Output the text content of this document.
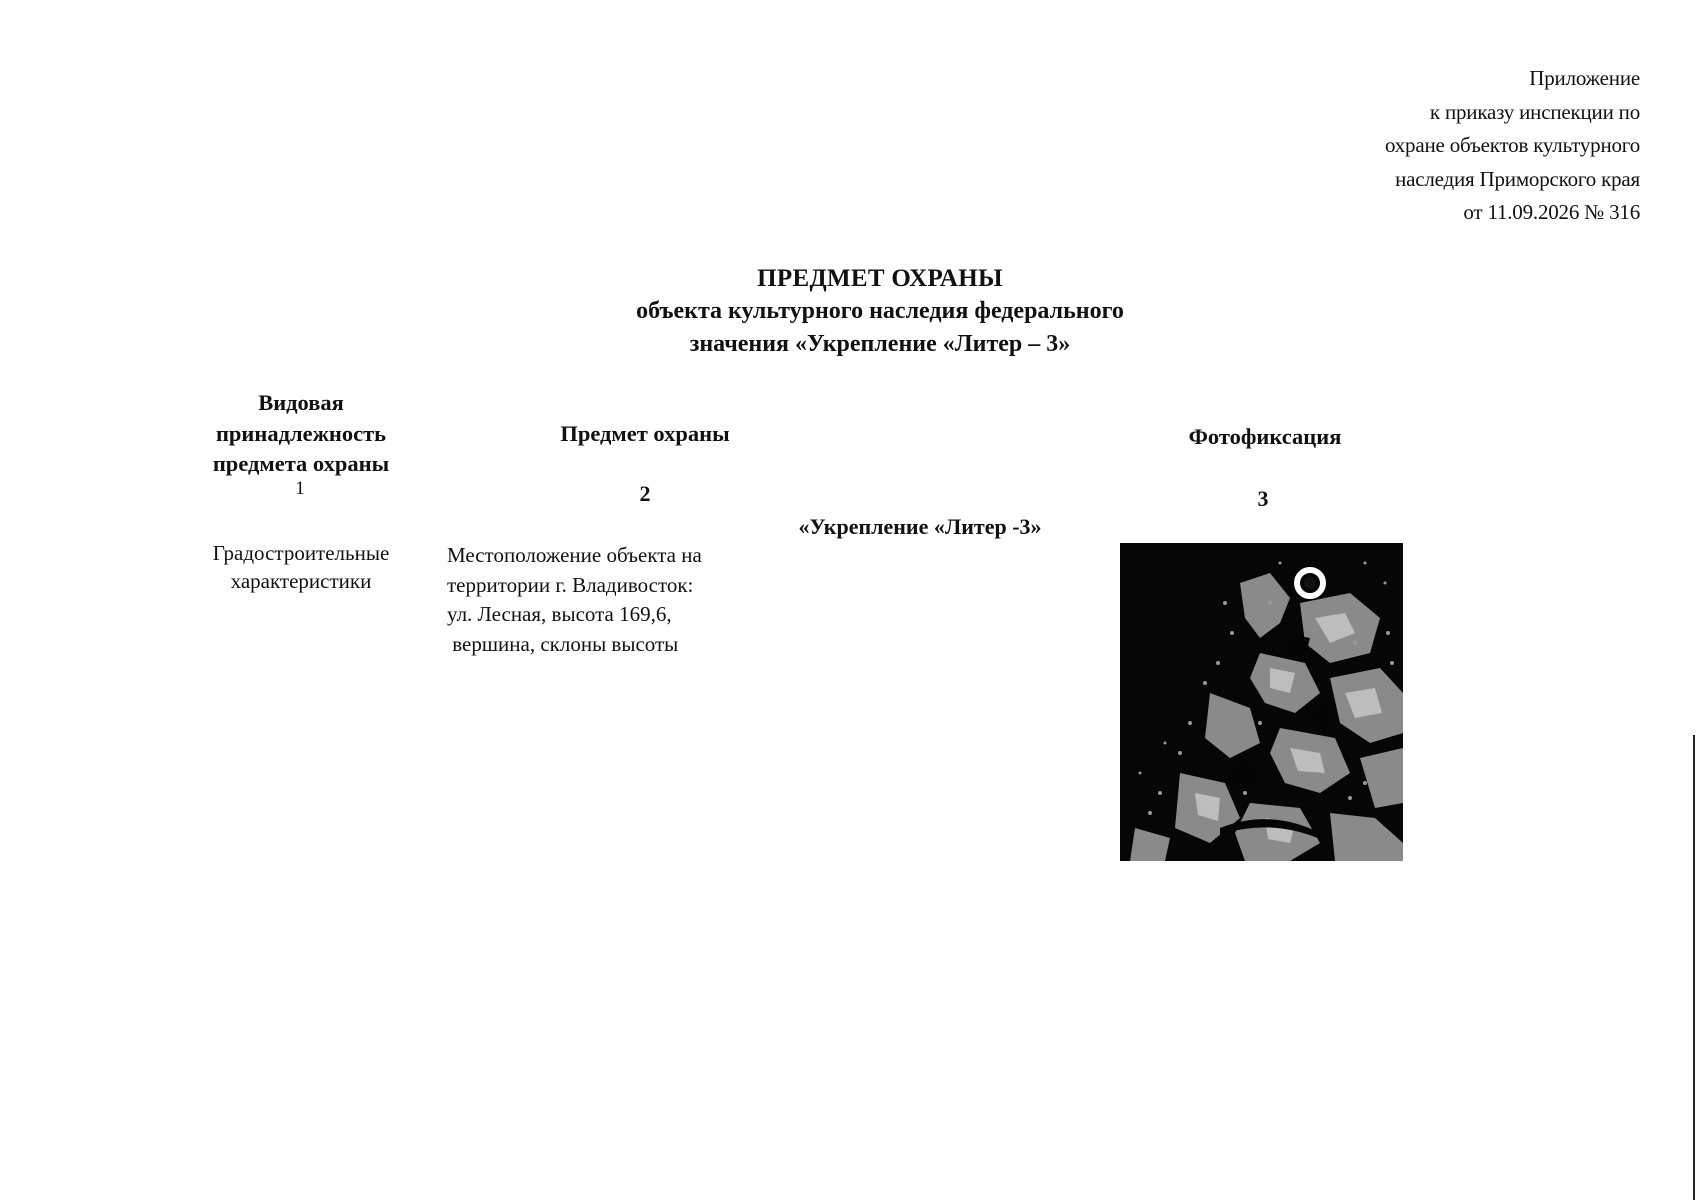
Приложение
к приказу инспекции по
охране объектов культурного
наследия Приморского края
от 11.09.2026 № 316
ПРЕДМЕТ ОХРАНЫ
объекта культурного наследия федерального
значения «Укрепление «Литер – 3»
Видовая
принадлежность
предмета охраны
1
Предмет охраны
2
Фотофиксация
3
«Укрепление «Литер -3»
Градостроительные
характеристики
Местоположение объекта на
территории г. Владивосток:
ул. Лесная, высота 169,6,
вершина, склоны высоты
